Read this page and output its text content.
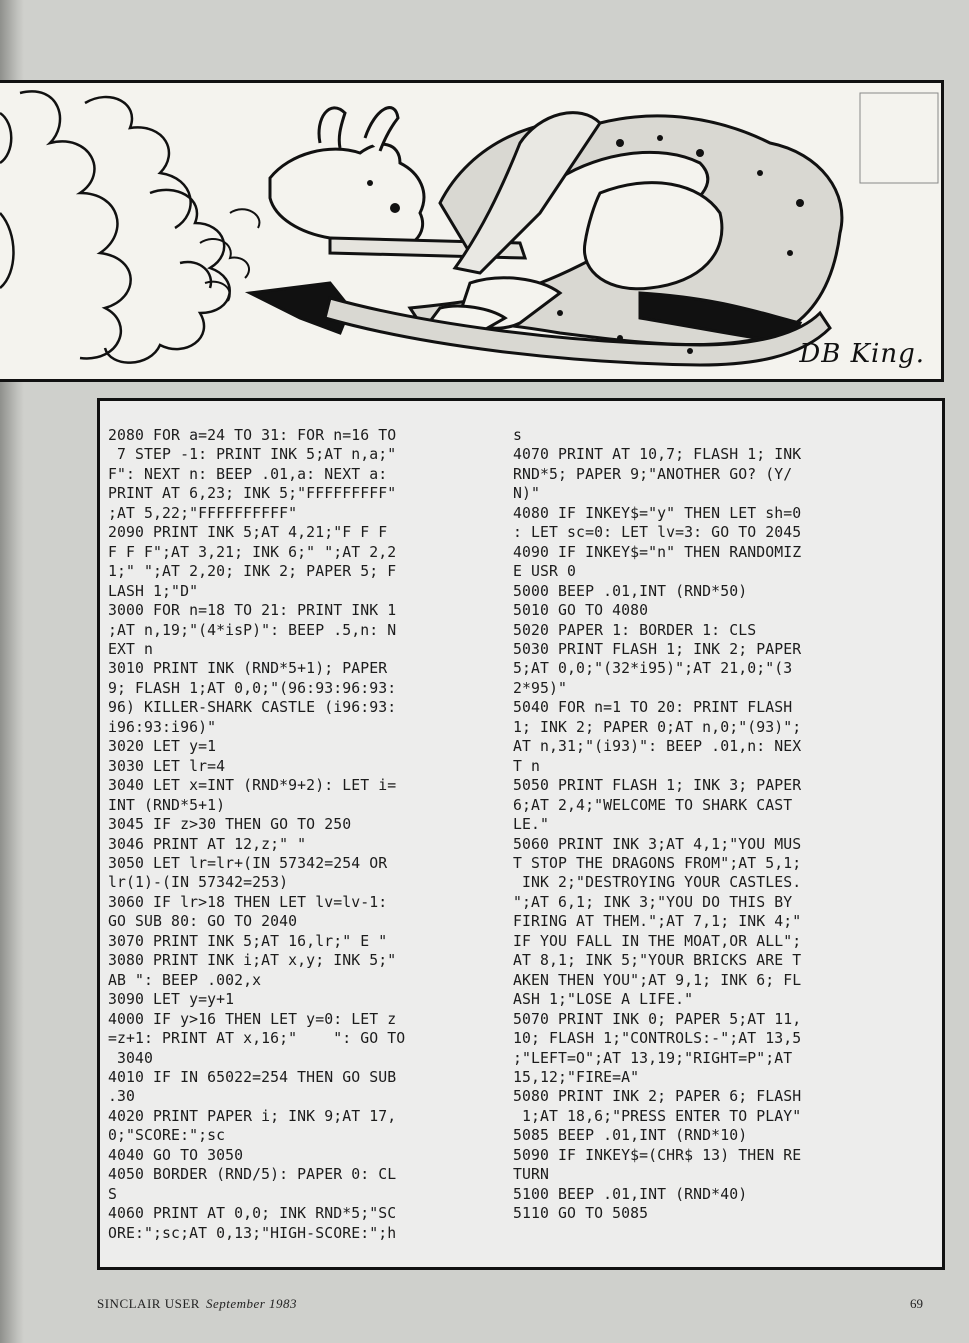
DB King.
2080 FOR a=24 TO 31: FOR n=16 TO
7 STEP -1: PRINT INK 5;AT n,a;"
F": NEXT n: BEEP .01,a: NEXT a:
PRINT AT 6,23; INK 5;"FFFFFFFFF"
;AT 5,22;"FFFFFFFFFF"
2090 PRINT INK 5;AT 4,21;"F F F
F F F";AT 3,21; INK 6;" ";AT 2,2
1;" ";AT 2,20; INK 2; PAPER 5; F
LASH 1;"D"
3000 FOR n=18 TO 21: PRINT INK 1
;AT n,19;"(4*isP)": BEEP .5,n: N
EXT n
3010 PRINT INK (RND*5+1); PAPER
9; FLASH 1;AT 0,0;"(96:93:96:93:
96) KILLER-SHARK CASTLE (i96:93:
i96:93:i96)"
3020 LET y=1
3030 LET lr=4
3040 LET x=INT (RND*9+2): LET i=
INT (RND*5+1)
3045 IF z>30 THEN GO TO 250
3046 PRINT AT 12,z;" "
3050 LET lr=lr+(IN 57342=254 OR
lr(1)-(IN 57342=253)
3060 IF lr>18 THEN LET lv=lv-1:
GO SUB 80: GO TO 2040
3070 PRINT INK 5;AT 16,lr;" E "
3080 PRINT INK i;AT x,y; INK 5;"
AB ": BEEP .002,x
3090 LET y=y+1
4000 IF y>16 THEN LET y=0: LET z
=z+1: PRINT AT x,16;"    ": GO TO
3040
4010 IF IN 65022=254 THEN GO SUB
.30
4020 PRINT PAPER i; INK 9;AT 17,
0;"SCORE:";sc
4040 GO TO 3050
4050 BORDER (RND/5): PAPER 0: CL
S
4060 PRINT AT 0,0; INK RND*5;"SC
ORE:";sc;AT 0,13;"HIGH-SCORE:";h
s
4070 PRINT AT 10,7; FLASH 1; INK
RND*5; PAPER 9;"ANOTHER GO? (Y/
N)"
4080 IF INKEY$="y" THEN LET sh=0
: LET sc=0: LET lv=3: GO TO 2045
4090 IF INKEY$="n" THEN RANDOMIZ
E USR 0
5000 BEEP .01,INT (RND*50)
5010 GO TO 4080
5020 PAPER 1: BORDER 1: CLS
5030 PRINT FLASH 1; INK 2; PAPER
5;AT 0,0;"(32*i95)";AT 21,0;"(3
2*95)"
5040 FOR n=1 TO 20: PRINT FLASH
1; INK 2; PAPER 0;AT n,0;"(93)";
AT n,31;"(i93)": BEEP .01,n: NEX
T n
5050 PRINT FLASH 1; INK 3; PAPER
6;AT 2,4;"WELCOME TO SHARK CAST
LE."
5060 PRINT INK 3;AT 4,1;"YOU MUS
T STOP THE DRAGONS FROM";AT 5,1;
INK 2;"DESTROYING YOUR CASTLES.
";AT 6,1; INK 3;"YOU DO THIS BY
FIRING AT THEM.";AT 7,1; INK 4;"
IF YOU FALL IN THE MOAT,OR ALL";
AT 8,1; INK 5;"YOUR BRICKS ARE T
AKEN THEN YOU";AT 9,1; INK 6; FL
ASH 1;"LOSE A LIFE."
5070 PRINT INK 0; PAPER 5;AT 11,
10; FLASH 1;"CONTROLS:-";AT 13,5
;"LEFT=O";AT 13,19;"RIGHT=P";AT
15,12;"FIRE=A"
5080 PRINT INK 2; PAPER 6; FLASH
1;AT 18,6;"PRESS ENTER TO PLAY"
5085 BEEP .01,INT (RND*10)
5090 IF INKEY$=(CHR$ 13) THEN RE
TURN
5100 BEEP .01,INT (RND*40)
5110 GO TO 5085
SINCLAIR USER September 1983	69
